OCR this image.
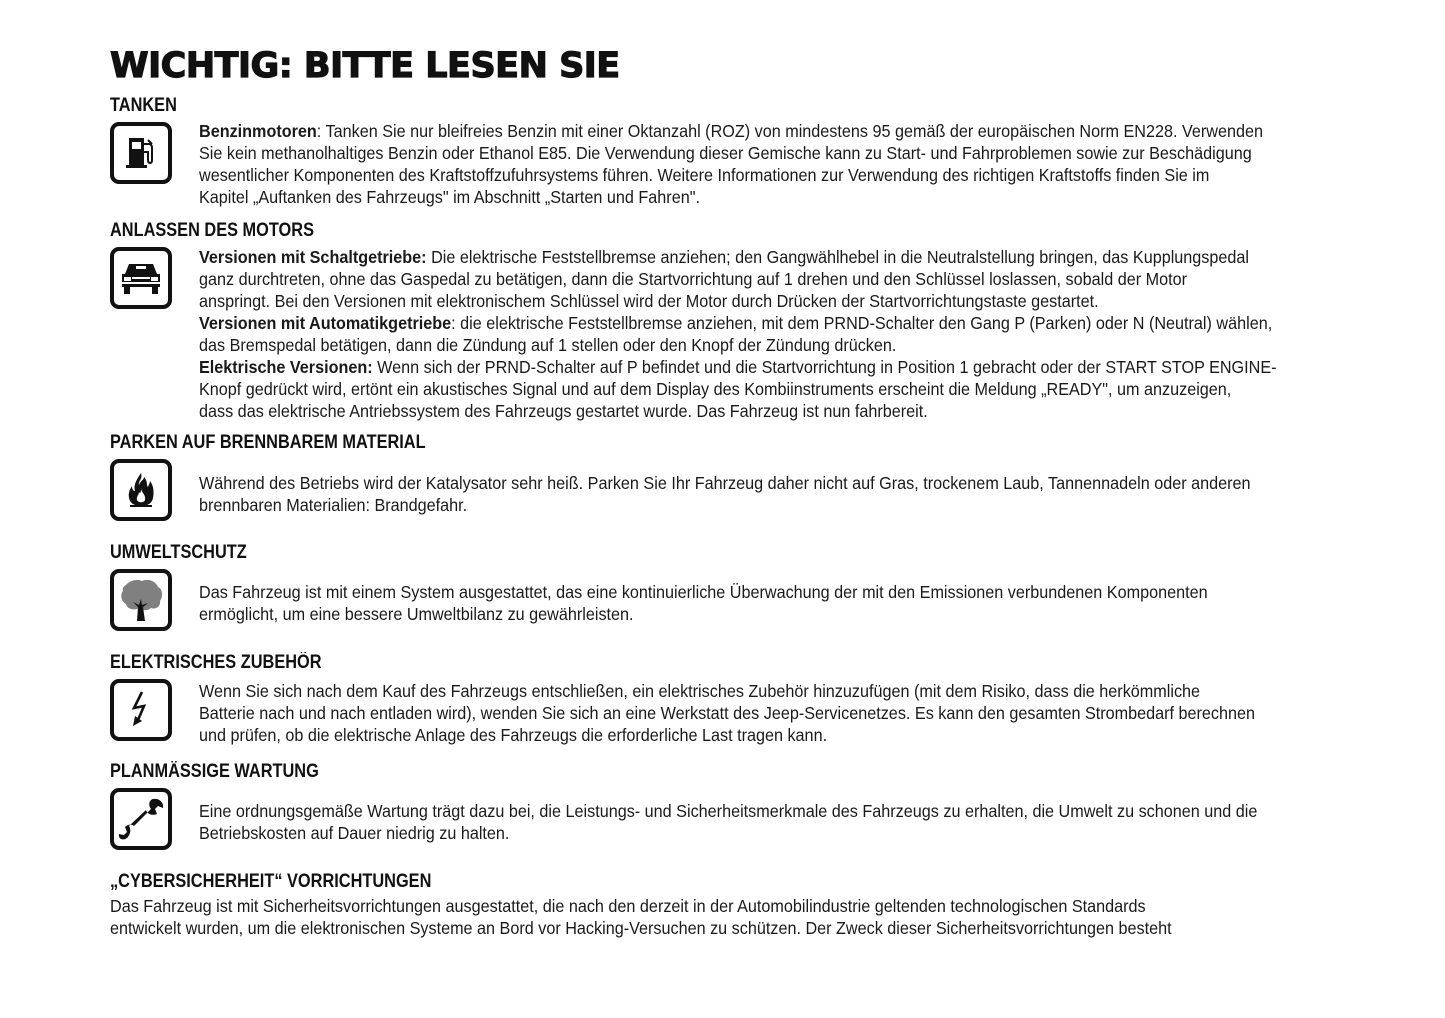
WICHTIG: BITTE LESEN SIE
TANKEN
Benzinmotoren: Tanken Sie nur bleifreies Benzin mit einer Oktanzahl (ROZ) von mindestens 95 gemäß der europäischen Norm EN228. Verwenden
Sie kein methanolhaltiges Benzin oder Ethanol E85. Die Verwendung dieser Gemische kann zu Start- und Fahrproblemen sowie zur Beschädigung
wesentlicher Komponenten des Kraftstoffzufuhrsystems führen. Weitere Informationen zur Verwendung des richtigen Kraftstoffs finden Sie im
Kapitel „Auftanken des Fahrzeugs" im Abschnitt „Starten und Fahren".
ANLASSEN DES MOTORS
Versionen mit Schaltgetriebe: Die elektrische Feststellbremse anziehen; den Gangwählhebel in die Neutralstellung bringen, das Kupplungspedal
ganz durchtreten, ohne das Gaspedal zu betätigen, dann die Startvorrichtung auf 1 drehen und den Schlüssel loslassen, sobald der Motor
anspringt. Bei den Versionen mit elektronischem Schlüssel wird der Motor durch Drücken der Startvorrichtungstaste gestartet.
Versionen mit Automatikgetriebe: die elektrische Feststellbremse anziehen, mit dem PRND-Schalter den Gang P (Parken) oder N (Neutral) wählen,
das Bremspedal betätigen, dann die Zündung auf 1 stellen oder den Knopf der Zündung drücken.
Elektrische Versionen: Wenn sich der PRND-Schalter auf P befindet und die Startvorrichtung in Position 1 gebracht oder der START STOP ENGINE-
Knopf gedrückt wird, ertönt ein akustisches Signal und auf dem Display des Kombiinstruments erscheint die Meldung „READY", um anzuzeigen,
dass das elektrische Antriebssystem des Fahrzeugs gestartet wurde. Das Fahrzeug ist nun fahrbereit.
PARKEN AUF BRENNBAREM MATERIAL
Während des Betriebs wird der Katalysator sehr heiß. Parken Sie Ihr Fahrzeug daher nicht auf Gras, trockenem Laub, Tannennadeln oder anderen
brennbaren Materialien: Brandgefahr.
UMWELTSCHUTZ
Das Fahrzeug ist mit einem System ausgestattet, das eine kontinuierliche Überwachung der mit den Emissionen verbundenen Komponenten
ermöglicht, um eine bessere Umweltbilanz zu gewährleisten.
ELEKTRISCHES ZUBEHÖR
Wenn Sie sich nach dem Kauf des Fahrzeugs entschließen, ein elektrisches Zubehör hinzuzufügen (mit dem Risiko, dass die herkömmliche
Batterie nach und nach entladen wird), wenden Sie sich an eine Werkstatt des Jeep-Servicenetzes. Es kann den gesamten Strombedarf berechnen
und prüfen, ob die elektrische Anlage des Fahrzeugs die erforderliche Last tragen kann.
PLANMÄSSIGE WARTUNG
Eine ordnungsgemäße Wartung trägt dazu bei, die Leistungs- und Sicherheitsmerkmale des Fahrzeugs zu erhalten, die Umwelt zu schonen und die
Betriebskosten auf Dauer niedrig zu halten.
„CYBERSICHERHEIT“ VORRICHTUNGEN
Das Fahrzeug ist mit Sicherheitsvorrichtungen ausgestattet, die nach den derzeit in der Automobilindustrie geltenden technologischen Standards
entwickelt wurden, um die elektronischen Systeme an Bord vor Hacking-Versuchen zu schützen. Der Zweck dieser Sicherheitsvorrichtungen besteht
